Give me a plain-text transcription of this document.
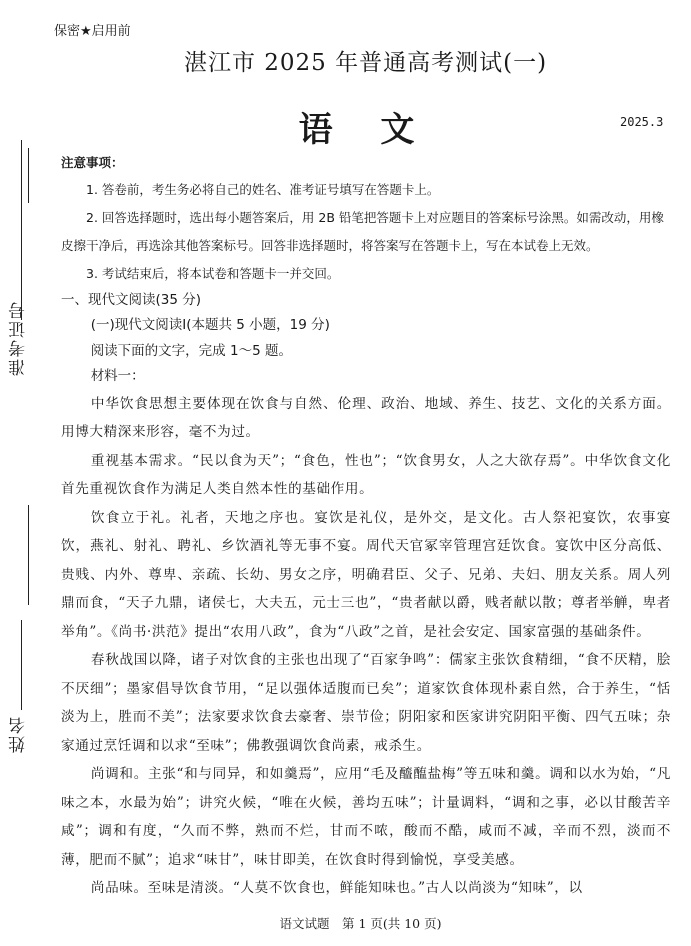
保密★启用前
湛江市 2025 年普通高考测试(一)
语 文	2025.3
准考证号
姓名

注意事项：

1. 答卷前，考生务必将自己的姓名、准考证号填写在答题卡上。

2. 回答选择题时，选出每小题答案后，用 2B 铅笔把答题卡上对应题目的答案标号涂黑。如需改动，用橡皮擦干净后，再选涂其他答案标号。回答非选择题时，将答案写在答题卡上，写在本试卷上无效。

3. 考试结束后，将本试卷和答题卡一并交回。

一、现代文阅读(35 分)

(一)现代文阅读Ⅰ(本题共 5 小题，19 分)

阅读下面的文字，完成 1～5 题。

材料一：

中华饮食思想主要体现在饮食与自然、伦理、政治、地域、养生、技艺、文化的关系方面。用博大精深来形容，毫不为过。

重视基本需求。“民以食为天”；“食色，性也”；“饮食男女，人之大欲存焉”。中华饮食文化首先重视饮食作为满足人类自然本性的基础作用。

饮食立于礼。礼者，天地之序也。宴饮是礼仪，是外交，是文化。古人祭祀宴饮，农事宴饮，燕礼、射礼、聘礼、乡饮酒礼等无事不宴。周代天官冢宰管理宫廷饮食。宴饮中区分高低、贵贱、内外、尊卑、亲疏、长幼、男女之序，明确君臣、父子、兄弟、夫妇、朋友关系。周人列鼎而食，“天子九鼎，诸侯七，大夫五，元士三也”，“贵者献以爵，贱者献以散；尊者举觯，卑者举角”。《尚书·洪范》提出“农用八政”，食为“八政”之首，是社会安定、国家富强的基础条件。

春秋战国以降，诸子对饮食的主张也出现了“百家争鸣”：儒家主张饮食精细，“食不厌精，脍不厌细”；墨家倡导饮食节用，“足以强体适腹而已矣”；道家饮食体现朴素自然，合于养生，“恬淡为上，胜而不美”；法家要求饮食去豪奢、崇节俭；阴阳家和医家讲究阴阳平衡、四气五味；杂家通过烹饪调和以求“至味”；佛教强调饮食尚素，戒杀生。

尚调和。主张“和与同异，和如羹焉”，应用“毛及醯醢盐梅”等五味和羹。调和以水为始，“凡味之本，水最为始”；讲究火候，“唯在火候，善均五味”；计量调料，“调和之事，必以甘酸苦辛咸”；调和有度，“久而不弊，熟而不烂，甘而不哝，酸而不酷，咸而不减，辛而不烈，淡而不薄，肥而不腻”；追求“味甘”，味甘即美，在饮食时得到愉悦，享受美感。

尚品味。至味是清淡。“人莫不饮食也，鲜能知味也。”古人以尚淡为“知味”，以

语文试题　第 1 页(共 10 页)
